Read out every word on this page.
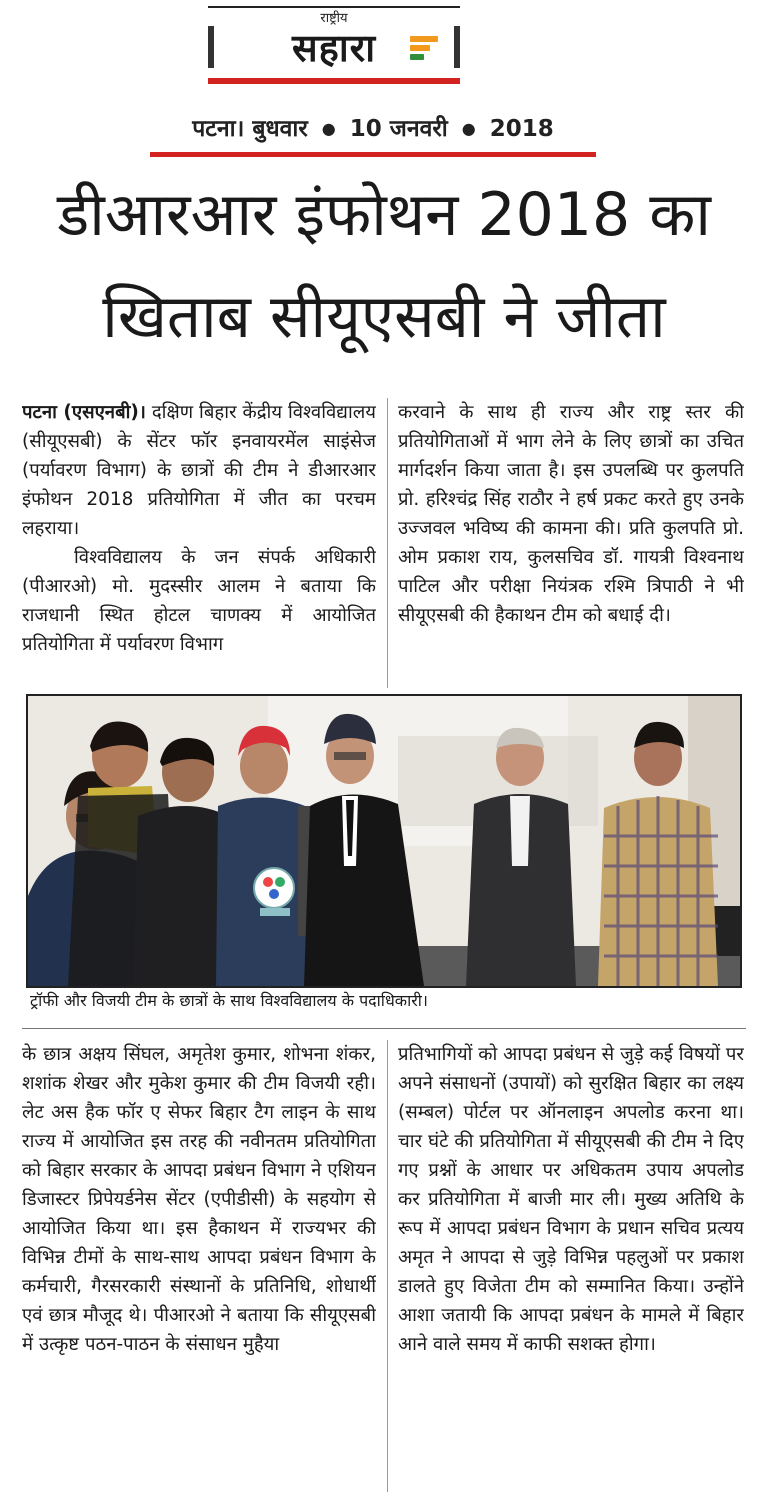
राष्ट्रीय
सहारा
पटना। बुधवार ● 10 जनवरी ● 2018
डीआरआर इंफोथन 2018 का
खिताब सीयूएसबी ने जीता

पटना (एसएनबी)। दक्षिण बिहार केंद्रीय विश्वविद्यालय (सीयूएसबी) के सेंटर फॉर इनवायरमेंल साइंसेज (पर्यावरण विभाग) के छात्रों की टीम ने डीआरआर इंफोथन 2018 प्रतियोगिता में जीत का परचम लहराया।

विश्वविद्यालय के जन संपर्क अधिकारी (पीआरओ) मो. मुदस्सीर आलम ने बताया कि राजधानी स्थित होटल चाणक्य में आयोजित प्रतियोगिता में पर्यावरण विभाग

करवाने के साथ ही राज्य और राष्ट्र स्तर की प्रतियोगिताओं में भाग लेने के लिए छात्रों का उचित मार्गदर्शन किया जाता है। इस उपलब्धि पर कुलपति प्रो. हरिश्चंद्र सिंह राठौर ने हर्ष प्रकट करते हुए उनके उज्जवल भविष्य की कामना की। प्रति कुलपति प्रो. ओम प्रकाश राय, कुलसचिव डॉ. गायत्री विश्वनाथ पाटिल और परीक्षा नियंत्रक रश्मि त्रिपाठी ने भी सीयूएसबी की हैकाथन टीम को बधाई दी।

ट्रॉफी और विजयी टीम के छात्रों के साथ विश्वविद्यालय के पदाधिकारी।

के छात्र अक्षय सिंघल, अमृतेश कुमार, शोभना शंकर, शशांक शेखर और मुकेश कुमार की टीम विजयी रही। लेट अस हैक फॉर ए सेफर बिहार टैग लाइन के साथ राज्य में आयोजित इस तरह की नवीनतम प्रतियोगिता को बिहार सरकार के आपदा प्रबंधन विभाग ने एशियन डिजास्टर प्रिपेयर्डनेस सेंटर (एपीडीसी) के सहयोग से आयोजित किया था। इस हैकाथन में राज्यभर की विभिन्न टीमों के साथ-साथ आपदा प्रबंधन विभाग के कर्मचारी, गैरसरकारी संस्थानों के प्रतिनिधि, शोधार्थी एवं छात्र मौजूद थे। पीआरओ ने बताया कि सीयूएसबी में उत्कृष्ट पठन-पाठन के संसाधन मुहैया

प्रतिभागियों को आपदा प्रबंधन से जुड़े कई विषयों पर अपने संसाधनों (उपायों) को सुरक्षित बिहार का लक्ष्य (सम्बल) पोर्टल पर ऑनलाइन अपलोड करना था। चार घंटे की प्रतियोगिता में सीयूएसबी की टीम ने दिए गए प्रश्नों के आधार पर अधिकतम उपाय अपलोड कर प्रतियोगिता में बाजी मार ली। मुख्य अतिथि के रूप में आपदा प्रबंधन विभाग के प्रधान सचिव प्रत्यय अमृत ने आपदा से जुड़े विभिन्न पहलुओं पर प्रकाश डालते हुए विजेता टीम को सम्मानित किया। उन्होंने आशा जतायी कि आपदा प्रबंधन के मामले में बिहार आने वाले समय में काफी सशक्त होगा।
